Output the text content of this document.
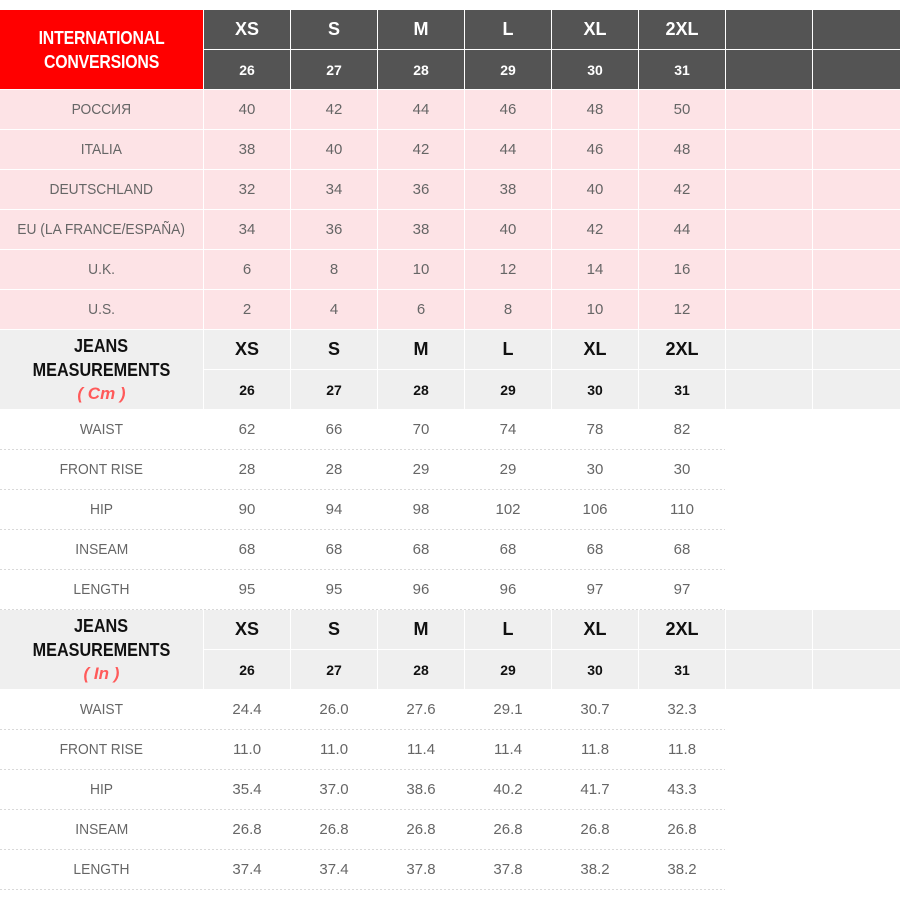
INTERNATIONAL
CONVERSIONS
XS	S	M	L	XL	2XL
26	27	28	29	30	31
РОССИЯ	40	42	44	46	48	50
ITALIA	38	40	42	44	46	48
DEUTSCHLAND	32	34	36	38	40	42
EU (LA FRANCE/ESPAÑA)	34	36	38	40	42	44
U.K.	6	8	10	12	14	16
U.S.	2	4	6	8	10	12
JEANS
MEASUREMENTS
( Cm )
XS	S	M	L	XL	2XL
26	27	28	29	30	31
WAIST	62	66	70	74	78	82
FRONT RISE	28	28	29	29	30	30
HIP	90	94	98	102	106	110
INSEAM	68	68	68	68	68	68
LENGTH	95	95	96	96	97	97
JEANS
MEASUREMENTS
( In )
XS	S	M	L	XL	2XL
26	27	28	29	30	31
WAIST	24.4	26.0	27.6	29.1	30.7	32.3
FRONT RISE	11.0	11.0	11.4	11.4	11.8	11.8
HIP	35.4	37.0	38.6	40.2	41.7	43.3
INSEAM	26.8	26.8	26.8	26.8	26.8	26.8
LENGTH	37.4	37.4	37.8	37.8	38.2	38.2
